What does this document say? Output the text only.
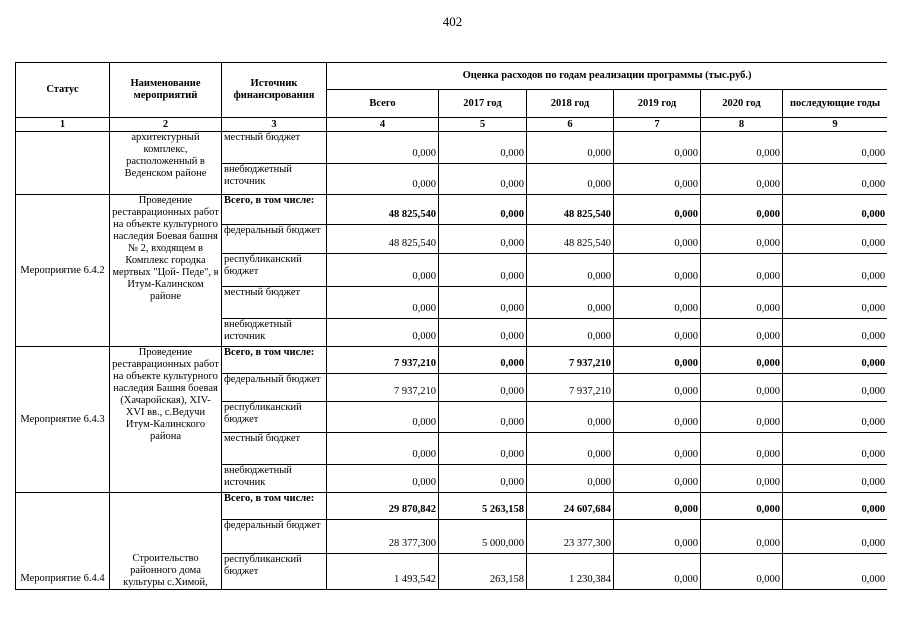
402
Статус	Наименование мероприятий	Источник финансирования	Оценка расходов по годам реализации программы (тыс.руб.)					
			Всего	2017 год	2018 год	2019 год	2020 год	последующие годы
1	2	3	4	5	6	7	8	9
	архитектурный комплекс, расположенный в Веденском районе	местный бюджет	0,000	0,000	0,000	0,000	0,000	0,000
		внебюджетный источник	0,000	0,000	0,000	0,000	0,000	0,000
Мероприятие 6.4.2	Проведение реставрационных работ на объекте культурного наследия Боевая башня № 2, входящем в Комплекс городка мертвых "Цой- Педе", в Итум-Калинском районе	Всего, в том числе:	48 825,540	0,000	48 825,540	0,000	0,000	0,000
		федеральный бюджет	48 825,540	0,000	48 825,540	0,000	0,000	0,000
		республиканский бюджет	0,000	0,000	0,000	0,000	0,000	0,000
		местный бюджет	0,000	0,000	0,000	0,000	0,000	0,000
		внебюджетный источник	0,000	0,000	0,000	0,000	0,000	0,000
Мероприятие 6.4.3	Проведение реставрационных работ на объекте культурного наследия Башня боевая (Хачаройская), XIV-XVI вв., с.Ведучи Итум-Калинского района	Всего, в том числе:	7 937,210	0,000	7 937,210	0,000	0,000	0,000
		федеральный бюджет	7 937,210	0,000	7 937,210	0,000	0,000	0,000
		республиканский бюджет	0,000	0,000	0,000	0,000	0,000	0,000
		местный бюджет	0,000	0,000	0,000	0,000	0,000	0,000
		внебюджетный источник	0,000	0,000	0,000	0,000	0,000	0,000
Мероприятие 6.4.4	Строительство районного дома культуры с.Химой,	Всего, в том числе:	29 870,842	5 263,158	24 607,684	0,000	0,000	0,000
		федеральный бюджет	28 377,300	5 000,000	23 377,300	0,000	0,000	0,000
		республиканский бюджет	1 493,542	263,158	1 230,384	0,000	0,000	0,000
